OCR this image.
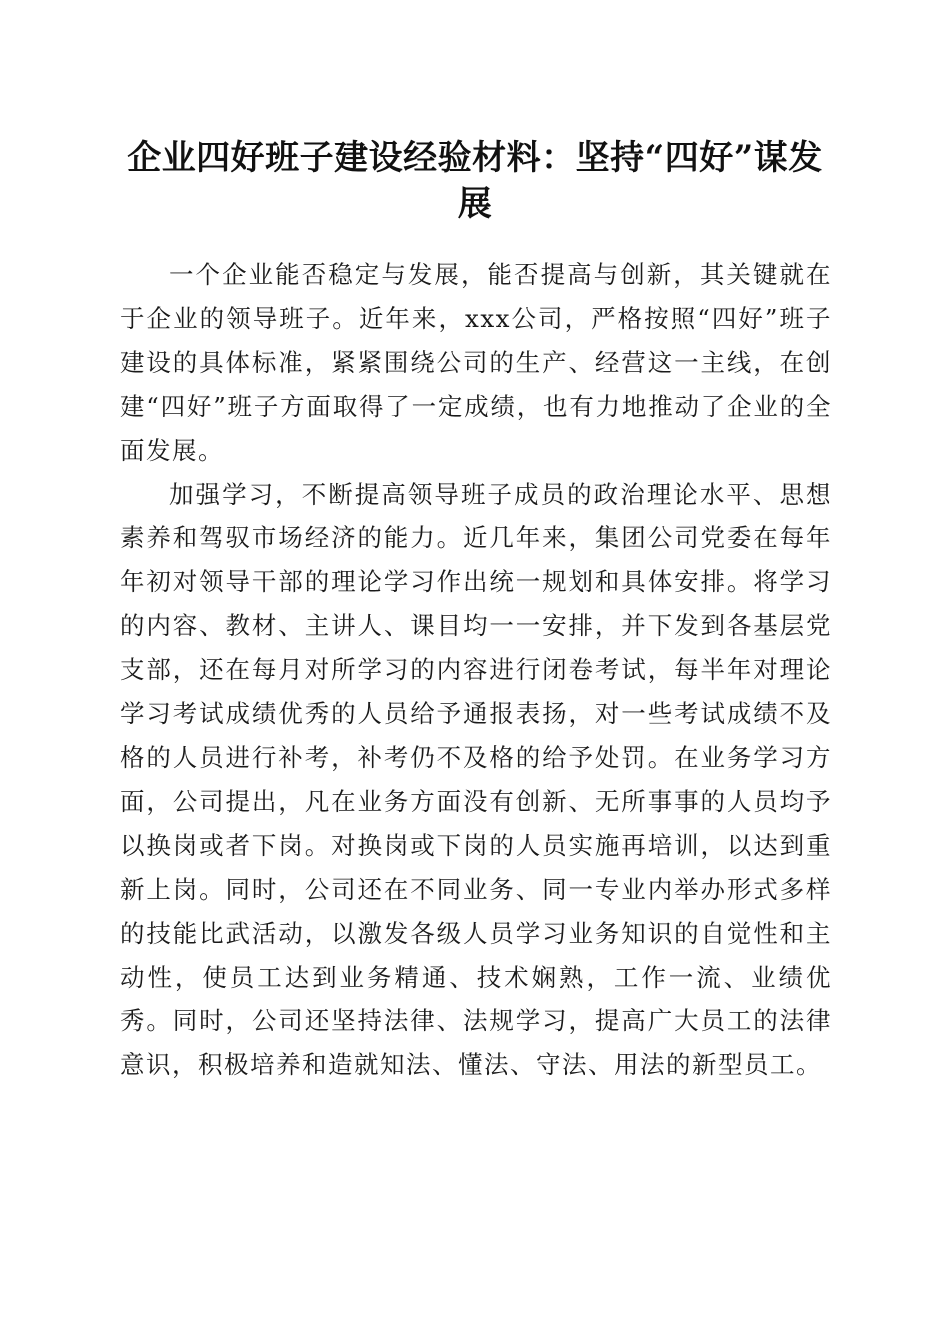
企业四好班子建设经验材料：坚持“四好”谋发展

一个企业能否稳定与发展，能否提高与创新，其关键就在于企业的领导班子。近年来，xxx公司，严格按照“四好”班子建设的具体标准，紧紧围绕公司的生产、经营这一主线，在创建“四好”班子方面取得了一定成绩，也有力地推动了企业的全面发展。

加强学习，不断提高领导班子成员的政治理论水平、思想素养和驾驭市场经济的能力。近几年来，集团公司党委在每年年初对领导干部的理论学习作出统一规划和具体安排。将学习的内容、教材、主讲人、课目均一一安排，并下发到各基层党支部，还在每月对所学习的内容进行闭卷考试，每半年对理论学习考试成绩优秀的人员给予通报表扬，对一些考试成绩不及格的人员进行补考，补考仍不及格的给予处罚。在业务学习方面，公司提出，凡在业务方面没有创新、无所事事的人员均予以换岗或者下岗。对换岗或下岗的人员实施再培训，以达到重新上岗。同时，公司还在不同业务、同一专业内举办形式多样的技能比武活动，以激发各级人员学习业务知识的自觉性和主动性，使员工达到业务精通、技术娴熟，工作一流、业绩优秀。同时，公司还坚持法律、法规学习，提高广大员工的法律意识，积极培养和造就知法、懂法、守法、用法的新型员工。
